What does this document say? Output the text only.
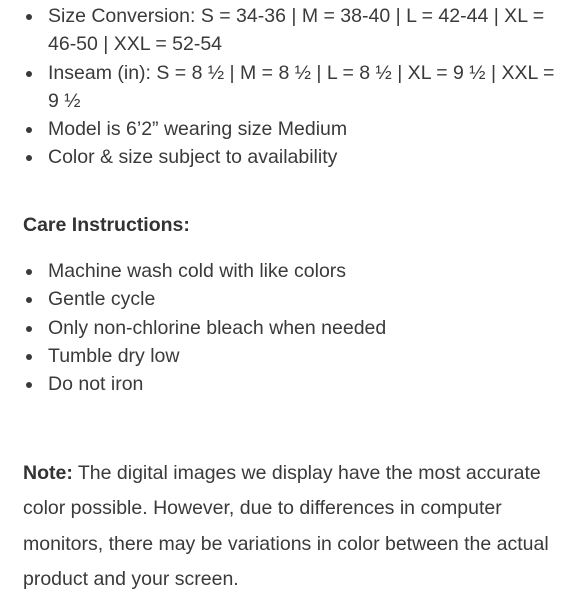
Size Conversion: S = 34-36 | M = 38-40 | L = 42-44 | XL = 46-50 | XXL = 52-54
Inseam (in): S = 8 ½ | M = 8 ½ | L = 8 ½ | XL = 9 ½ | XXL = 9 ½
Model is 6’2” wearing size Medium
Color & size subject to availability
Care Instructions:
Machine wash cold with like colors
Gentle cycle
Only non-chlorine bleach when needed
Tumble dry low
Do not iron

Note: The digital images we display have the most accurate color possible. However, due to differences in computer monitors, there may be variations in color between the actual product and your screen.
